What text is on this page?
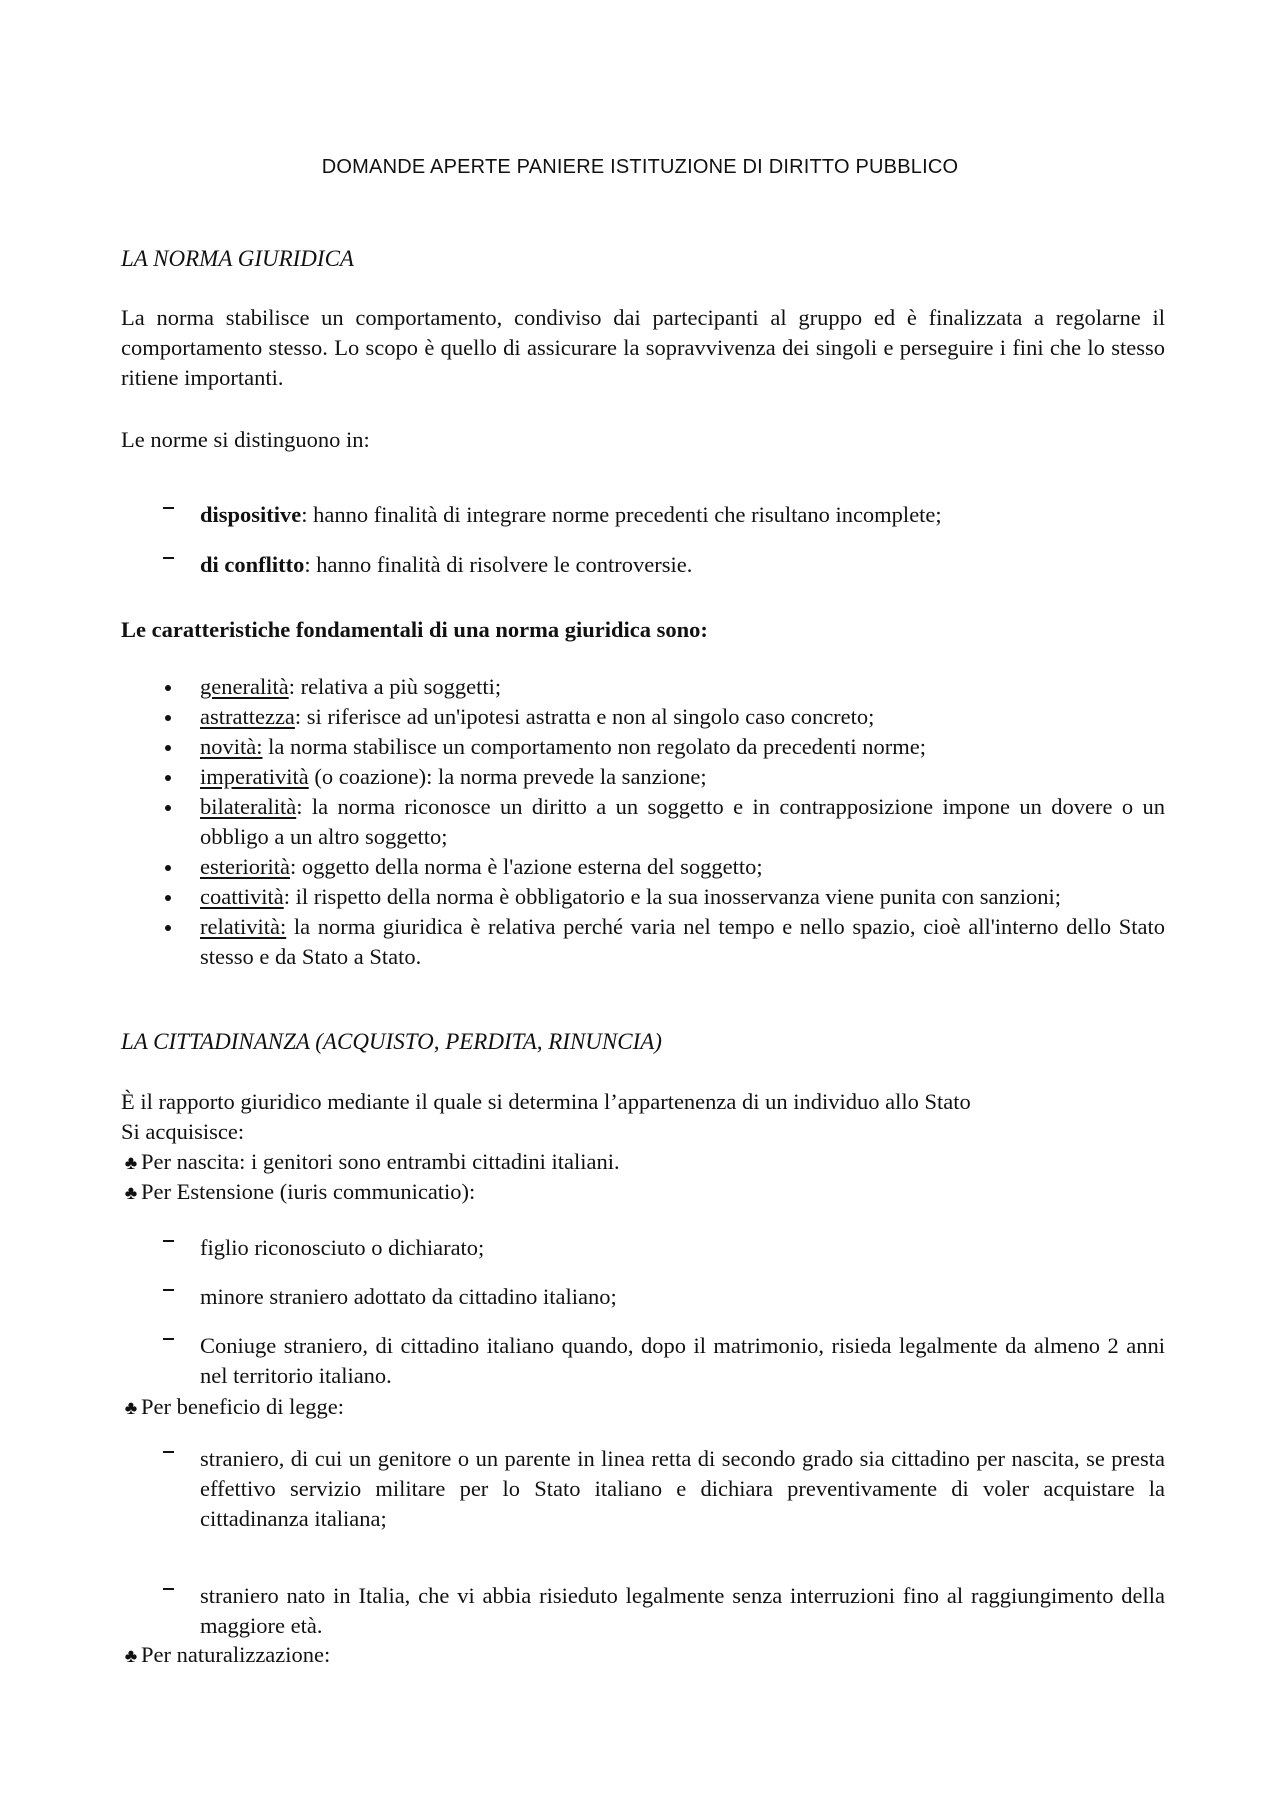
DOMANDE APERTE PANIERE ISTITUZIONE DI DIRITTO PUBBLICO
LA NORMA GIURIDICA
La norma stabilisce un comportamento, condiviso dai partecipanti al gruppo ed è finalizzata a regolarne il comportamento stesso. Lo scopo è quello di assicurare la sopravvivenza dei singoli e perseguire i fini che lo stesso ritiene importanti.
Le norme si distinguono in:
dispositive: hanno finalità di integrare norme precedenti che risultano incomplete;
di conflitto: hanno finalità di risolvere le controversie.
Le caratteristiche fondamentali di una norma giuridica sono:
generalità: relativa a più soggetti;
astrattezza: si riferisce ad un'ipotesi astratta e non al singolo caso concreto;
novità: la norma stabilisce un comportamento non regolato da precedenti norme;
imperatività (o coazione): la norma prevede la sanzione;
bilateralità: la norma riconosce un diritto a un soggetto e in contrapposizione impone un dovere o un obbligo a un altro soggetto;
esteriorità: oggetto della norma è l'azione esterna del soggetto;
coattività: il rispetto della norma è obbligatorio e la sua inosservanza viene punita con sanzioni;
relatività: la norma giuridica è relativa perché varia nel tempo e nello spazio, cioè all'interno dello Stato stesso e da Stato a Stato.
LA CITTADINANZA (ACQUISTO, PERDITA, RINUNCIA)
È il rapporto giuridico mediante il quale si determina l’appartenenza di un individuo allo Stato
Si acquisisce:
♣ Per nascita: i genitori sono entrambi cittadini italiani.
♣ Per Estensione (iuris communicatio):
figlio riconosciuto o dichiarato;
minore straniero adottato da cittadino italiano;
Coniuge straniero, di cittadino italiano quando, dopo il matrimonio, risieda legalmente da almeno 2 anni nel territorio italiano.
♣ Per beneficio di legge:
straniero, di cui un genitore o un parente in linea retta di secondo grado sia cittadino per nascita, se presta effettivo servizio militare per lo Stato italiano e dichiara preventivamente di voler acquistare la cittadinanza italiana;
straniero nato in Italia, che vi abbia risieduto legalmente senza interruzioni fino al raggiungimento della maggiore età.
♣ Per naturalizzazione:
